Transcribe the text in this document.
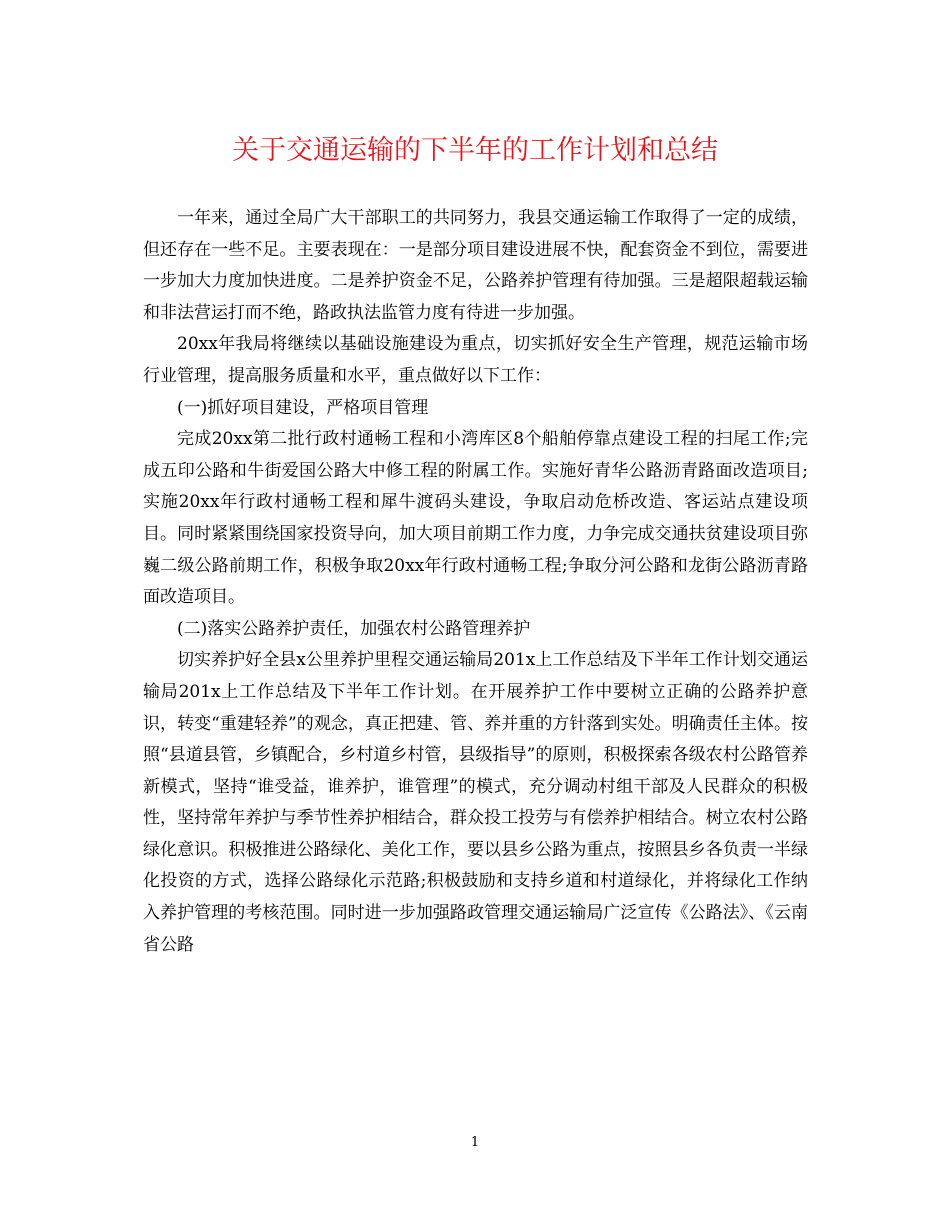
关于交通运输的下半年的工作计划和总结

一年来，通过全局广大干部职工的共同努力，我县交通运输工作取得了一定的成绩，但还存在一些不足。主要表现在：一是部分项目建设进展不快，配套资金不到位，需要进一步加大力度加快进度。二是养护资金不足，公路养护管理有待加强。三是超限超载运输和非法营运打而不绝，路政执法监管力度有待进一步加强。

20xx年我局将继续以基础设施建设为重点，切实抓好安全生产管理，规范运输市场行业管理，提高服务质量和水平，重点做好以下工作：

(一)抓好项目建设，严格项目管理

完成20xx第二批行政村通畅工程和小湾库区8个船舶停靠点建设工程的扫尾工作;完成五印公路和牛街爱国公路大中修工程的附属工作。实施好青华公路沥青路面改造项目;实施20xx年行政村通畅工程和犀牛渡码头建设，争取启动危桥改造、客运站点建设项目。同时紧紧围绕国家投资导向，加大项目前期工作力度，力争完成交通扶贫建设项目弥巍二级公路前期工作，积极争取20xx年行政村通畅工程;争取分河公路和龙街公路沥青路面改造项目。

(二)落实公路养护责任，加强农村公路管理养护

切实养护好全县x公里养护里程交通运输局201x上工作总结及下半年工作计划交通运输局201x上工作总结及下半年工作计划。在开展养护工作中要树立正确的公路养护意识，转变“重建轻养”的观念，真正把建、管、养并重的方针落到实处。明确责任主体。按照“县道县管，乡镇配合，乡村道乡村管，县级指导”的原则，积极探索各级农村公路管养新模式，坚持“谁受益，谁养护，谁管理”的模式，充分调动村组干部及人民群众的积极性，坚持常年养护与季节性养护相结合，群众投工投劳与有偿养护相结合。树立农村公路绿化意识。积极推进公路绿化、美化工作，要以县乡公路为重点，按照县乡各负责一半绿化投资的方式，选择公路绿化示范路;积极鼓励和支持乡道和村道绿化，并将绿化工作纳入养护管理的考核范围。同时进一步加强路政管理交通运输局广泛宣传《公路法》、《云南省公路

1
